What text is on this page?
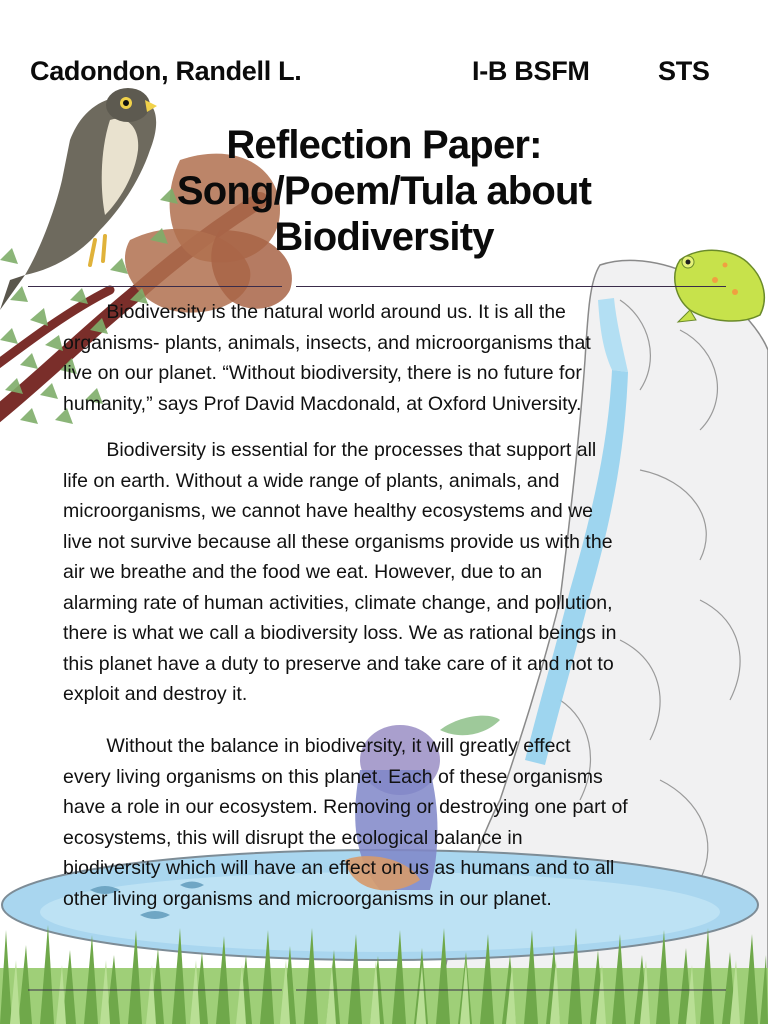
Cadondon, Randell L.	I-B BSFM	STS
Reflection Paper:
Song/Poem/Tula about
Biodiversity
Biodiversity is the natural world around us. It is all the
organisms- plants, animals, insects, and microorganisms that
live on our planet. “Without biodiversity, there is no future for
humanity,” says Prof David Macdonald, at Oxford University.
Biodiversity is essential for the processes that support all
life on earth. Without a wide range of plants, animals, and
microorganisms, we cannot have healthy ecosystems and we
live not survive because all these organisms provide us with the
air we breathe and the food we eat. However, due to an
alarming rate of human activities, climate change, and pollution,
there is what we call a biodiversity loss. We as rational beings in
this planet have a duty to preserve and take care of it and not to
exploit and destroy it.
Without the balance in biodiversity, it will greatly effect
every living organisms on this planet. Each of these organisms
have a role in our ecosystem. Removing or destroying one part of
ecosystems, this will disrupt the ecological balance in
biodiversity which will have an effect on us as humans and to all
other living organisms and microorganisms in our planet.
